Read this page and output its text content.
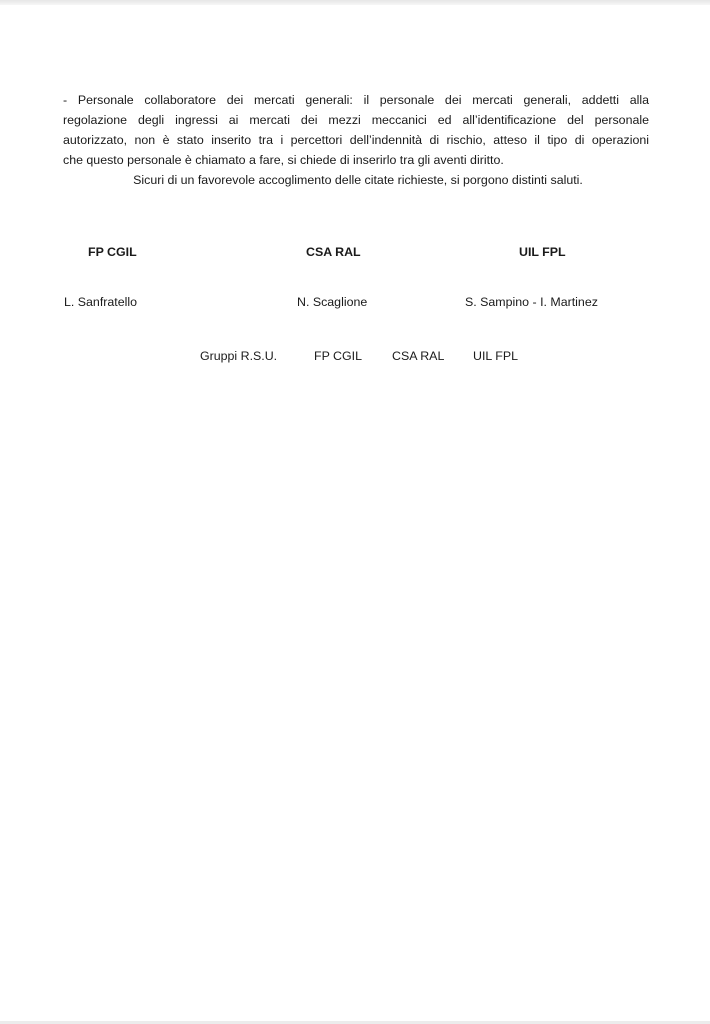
- Personale collaboratore dei mercati generali: il personale dei mercati generali, addetti alla
regolazione degli ingressi ai mercati dei mezzi meccanici ed all’identificazione del personale
autorizzato, non è stato inserito tra i percettori dell’indennità di rischio, atteso il tipo di operazioni
che questo personale è chiamato a fare, si chiede di inserirlo tra gli aventi diritto.
Sicuri di un favorevole accoglimento delle citate richieste, si porgono distinti saluti.
FP CGIL	CSA RAL	UIL FPL
L. Sanfratello	N. Scaglione	S. Sampino - I. Martinez
Gruppi R.S.U.	FP CGIL CSA RAL UIL FPL
